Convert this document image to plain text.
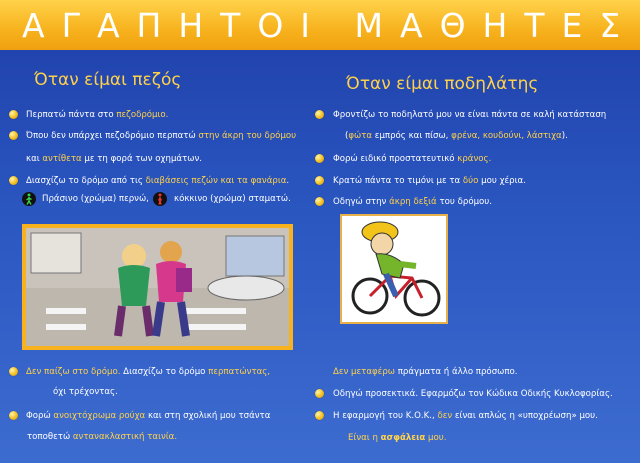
ΑΓΑΠΗΤΟΙ ΜΑΘΗΤΕΣ
Όταν είμαι πεζός
Περπατώ πάντα στο πεζοδρόμιο.
Όπου δεν υπάρχει πεζοδρόμιο περπατώ στην άκρη του δρόμου
και αντίθετα με τη φορά των οχημάτων.
Διασχίζω το δρόμο από τις διαβάσεις πεζών και τα φανάρια.
Πράσινο (χρώμα) περνώ,	κόκκινο (χρώμα) σταματώ.
Δεν παίζω στο δρόμο. Διασχίζω το δρόμο περπατώντας,
όχι τρέχοντας.
Φορώ ανοιχτόχρωμα ρούχα και στη σχολική μου τσάντα
τοποθετώ αντανακλαστική ταινία.
Όταν είμαι ποδηλάτης
Φροντίζω το ποδηλατό μου να είναι πάντα σε καλή κατάσταση
(φώτα εμπρός και πίσω, φρένα, κουδούνι, λάστιχα).
Φορώ ειδικό προστατευτικό κράνος.
Κρατώ πάντα το τιμόνι με τα δύο μου χέρια.
Οδηγώ στην άκρη δεξιά του δρόμου.
Δεν μεταφέρω πράγματα ή άλλο πρόσωπο.
Οδηγώ προσεκτικά. Εφαρμόζω τον Κώδικα Οδικής Κυκλοφορίας.
Η εφαρμογή του Κ.Ο.Κ., δεν είναι απλώς η «υποχρέωση» μου.
Είναι η ασφάλεια μου.
